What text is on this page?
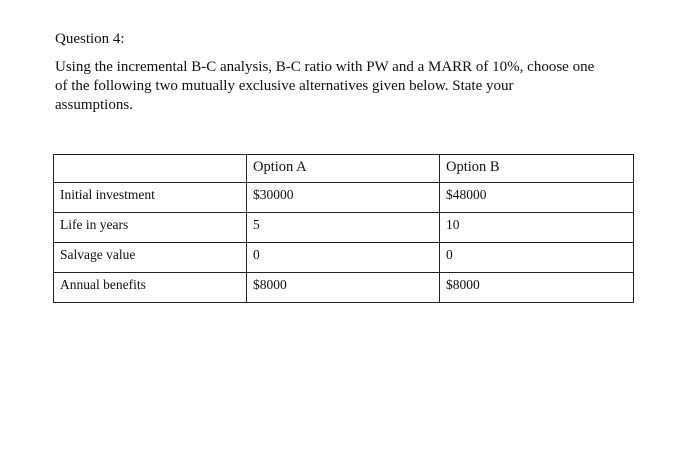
Question 4:
Using the incremental B-C analysis, B-C ratio with PW and a MARR of 10%, choose one
of the following two mutually exclusive alternatives given below. State your
assumptions.
	Option A	Option B
Initial investment	$30000	$48000
Life in years	5	10
Salvage value	0	0
Annual benefits	$8000	$8000
